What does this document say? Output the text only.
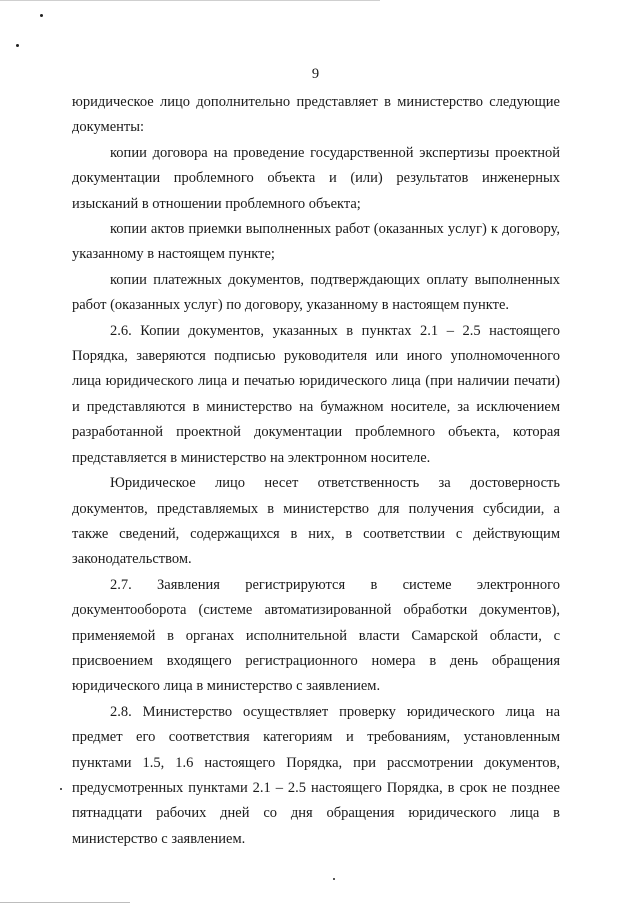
9

юридическое лицо дополнительно представляет в министерство следующие документы:

копии договора на проведение государственной экспертизы проектной документации проблемного объекта и (или) результатов инженерных изысканий в отношении проблемного объекта;

копии актов приемки выполненных работ (оказанных услуг) к договору, указанному в настоящем пункте;

копии платежных документов, подтверждающих оплату выполненных работ (оказанных услуг) по договору, указанному в настоящем пункте.

2.6. Копии документов, указанных в пунктах 2.1 – 2.5 настоящего Порядка, заверяются подписью руководителя или иного уполномоченного лица юридического лица и печатью юридического лица (при наличии печати) и представляются в министерство на бумажном носителе, за исключением разработанной проектной документации проблемного объекта, которая представляется в министерство на электронном носителе.

Юридическое лицо несет ответственность за достоверность документов, представляемых в министерство для получения субсидии, а также сведений, содержащихся в них, в соответствии с действующим законодательством.

2.7. Заявления регистрируются в системе электронного документооборота (системе автоматизированной обработки документов), применяемой в органах исполнительной власти Самарской области, с присвоением входящего регистрационного номера в день обращения юридического лица в министерство с заявлением.

2.8. Министерство осуществляет проверку юридического лица на предмет его соответствия категориям и требованиям, установленным пунктами 1.5, 1.6 настоящего Порядка, при рассмотрении документов, предусмотренных пунктами 2.1 – 2.5 настоящего Порядка, в срок не позднее пятнадцати рабочих дней со дня обращения юридического лица в министерство с заявлением.
